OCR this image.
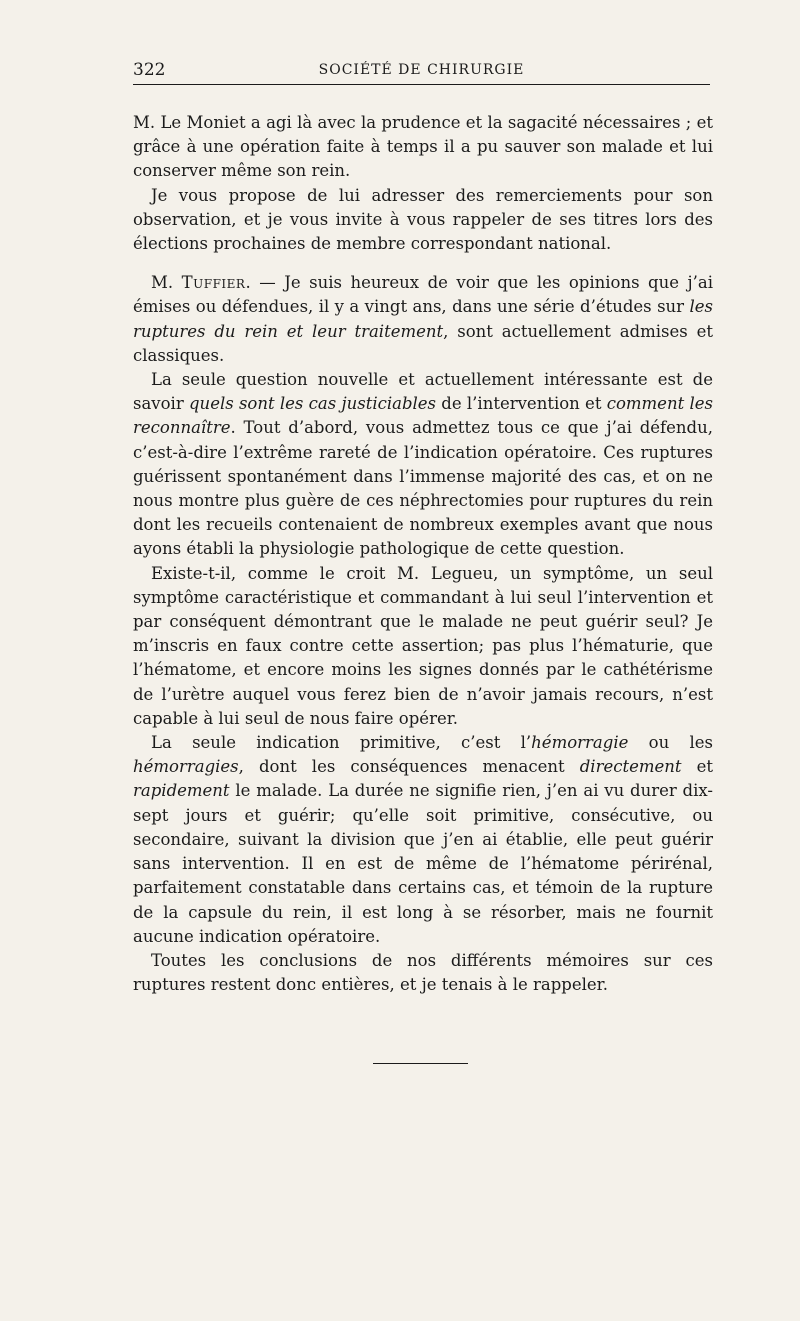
322	SOCIÉTÉ DE CHIRURGIE

M. Le Moniet a agi là avec la prudence et la sagacité nécessaires ; et grâce à une opération faite à temps il a pu sauver son malade et lui conserver même son rein.

Je vous propose de lui adresser des remerciements pour son observation, et je vous invite à vous rappeler de ses titres lors des élections prochaines de membre correspondant national.

M. Tuffier. — Je suis heureux de voir que les opinions que j’ai émises ou défendues, il y a vingt ans, dans une série d’études sur les ruptures du rein et leur traitement, sont actuellement admises et classiques.

La seule question nouvelle et actuellement intéressante est de savoir quels sont les cas justiciables de l’intervention et comment les reconnaître. Tout d’abord, vous admettez tous ce que j’ai défendu, c’est-à-dire l’extrême rareté de l’indication opératoire. Ces ruptures guérissent spontanément dans l’immense majorité des cas, et on ne nous montre plus guère de ces néphrectomies pour ruptures du rein dont les recueils contenaient de nombreux exemples avant que nous ayons établi la physiologie pathologique de cette question.

Existe-t-il, comme le croit M. Legueu, un symptôme, un seul symptôme caractéristique et commandant à lui seul l’intervention et par conséquent démontrant que le malade ne peut guérir seul? Je m’inscris en faux contre cette assertion; pas plus l’hématurie, que l’hématome, et encore moins les signes donnés par le cathétérisme de l’urètre auquel vous ferez bien de n’avoir jamais recours, n’est capable à lui seul de nous faire opérer.

La seule indication primitive, c’est l’hémorragie ou les hémorragies, dont les conséquences menacent directement et rapidement le malade. La durée ne signifie rien, j’en ai vu durer dix-sept jours et guérir; qu’elle soit primitive, consécutive, ou secondaire, suivant la division que j’en ai établie, elle peut guérir sans intervention. Il en est de même de l’hématome périrénal, parfaitement constatable dans certains cas, et témoin de la rupture de la capsule du rein, il est long à se résorber, mais ne fournit aucune indication opératoire.

Toutes les conclusions de nos différents mémoires sur ces ruptures restent donc entières, et je tenais à le rappeler.
